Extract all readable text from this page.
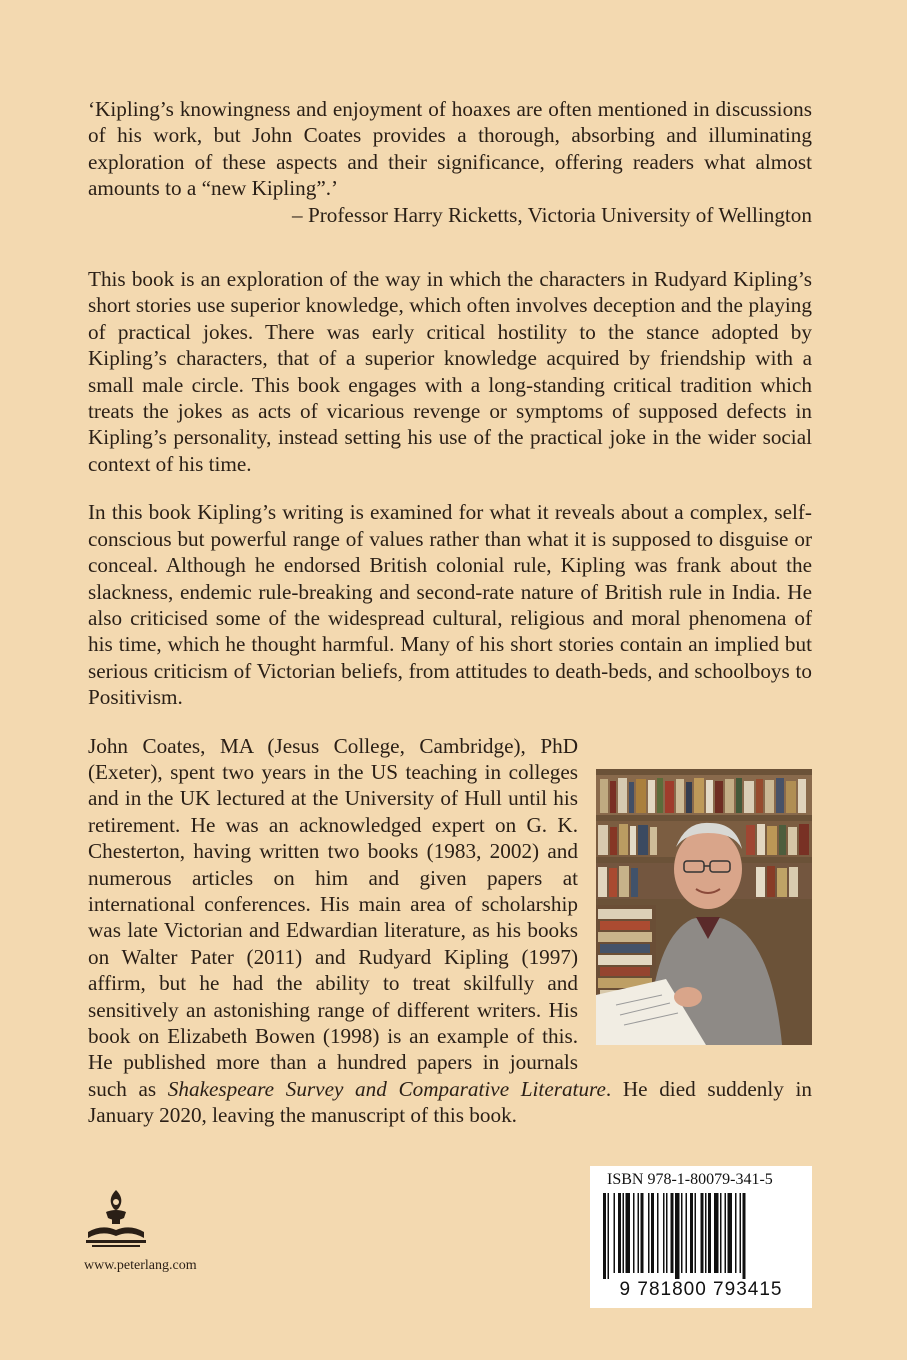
‘Kipling’s knowingness and enjoyment of hoaxes are often mentioned in discussions of his work, but John Coates provides a thorough, absorbing and illuminating exploration of these aspects and their significance, offering readers what almost amounts to a “new Kipling”.’

– Professor Harry Ricketts, Victoria University of Wellington

This book is an exploration of the way in which the characters in Rudyard Kipling’s short stories use superior knowledge, which often involves deception and the playing of practical jokes. There was early critical hostility to the stance adopted by Kipling’s characters, that of a superior knowledge acquired by friendship with a small male circle. This book engages with a long-standing critical tradition which treats the jokes as acts of vicarious revenge or symptoms of supposed defects in Kipling’s personality, instead setting his use of the practical joke in the wider social context of his time.

In this book Kipling’s writing is examined for what it reveals about a complex, self-conscious but powerful range of values rather than what it is supposed to disguise or conceal. Although he endorsed British colonial rule, Kipling was frank about the slackness, endemic rule-breaking and second-rate nature of British rule in India. He also criticised some of the widespread cultural, religious and moral phenomena of his time, which he thought harmful. Many of his short stories contain an implied but serious criticism of Victorian beliefs, from attitudes to death-beds, and schoolboys to Positivism.

John Coates, MA (Jesus College, Cambridge), PhD (Exeter), spent two years in the US teaching in colleges and in the UK lectured at the University of Hull until his retirement. He was an acknowledged expert on G. K. Chesterton, having written two books (1983, 2002) and numerous articles on him and given papers at international conferences. His main area of scholarship was late Victorian and Edwardian literature, as his books on Walter Pater (2011) and Rudyard Kipling (1997) affirm, but he had the ability to treat skilfully and sensitively an astonishing range of different writers. His book on Elizabeth Bowen (1998) is an example of this. He published more than a hundred papers in journals such as Shakespeare Survey and Comparative Literature. He died suddenly in January 2020, leaving the manuscript of this book.

www.peterlang.com
ISBN 978-1-80079-341-5
9 781800 793415
